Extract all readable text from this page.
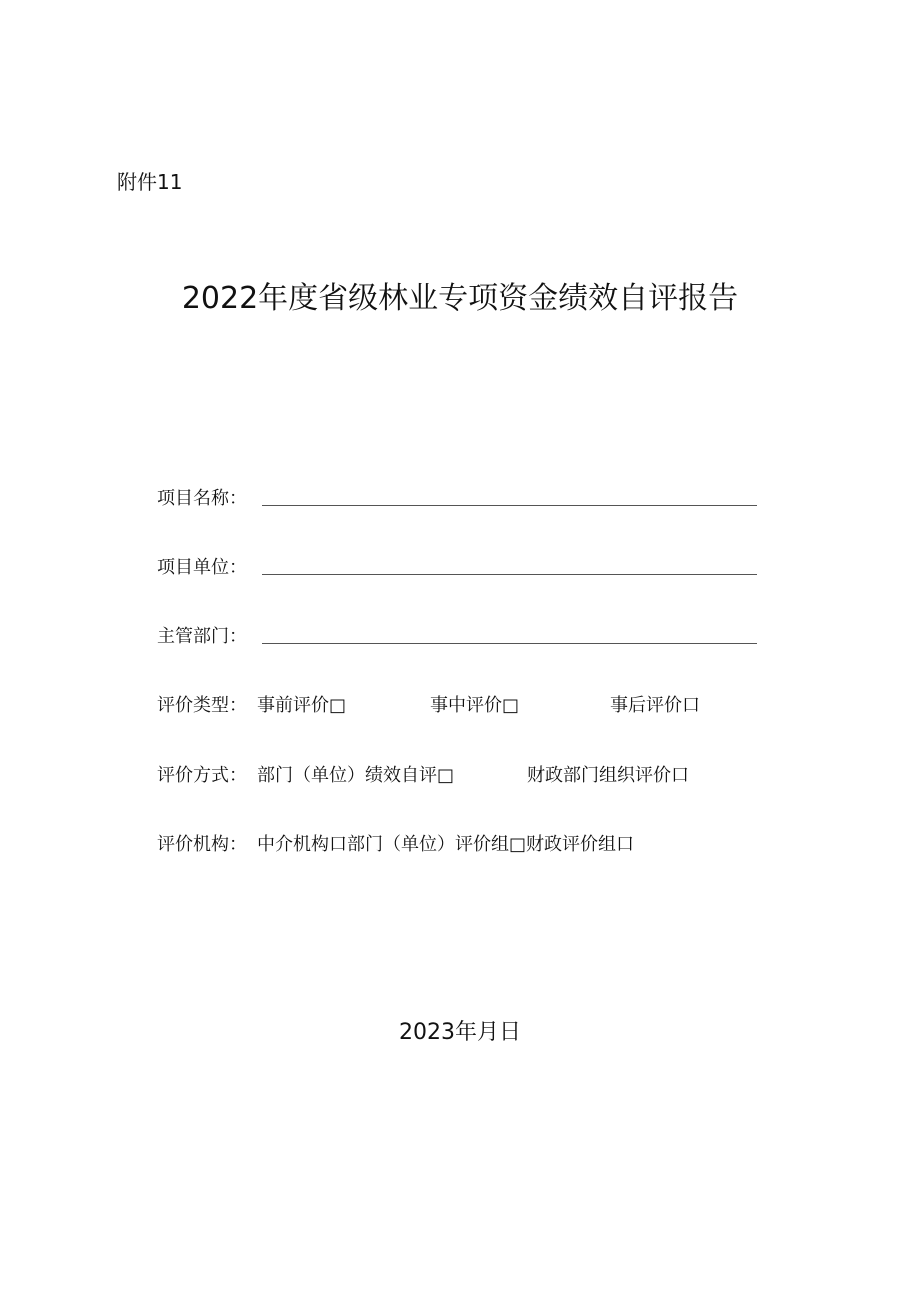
附件11
2022年度省级林业专项资金绩效自评报告
项目名称：
项目单位：
主管部门：
评价类型： 事前评价□	事中评价□	事后评价口
评价方式： 部门（单位）绩效自评□	财政部门组织评价口
评价机构： 中介机构口部门（单位）评价组□财政评价组口
2023年月日
